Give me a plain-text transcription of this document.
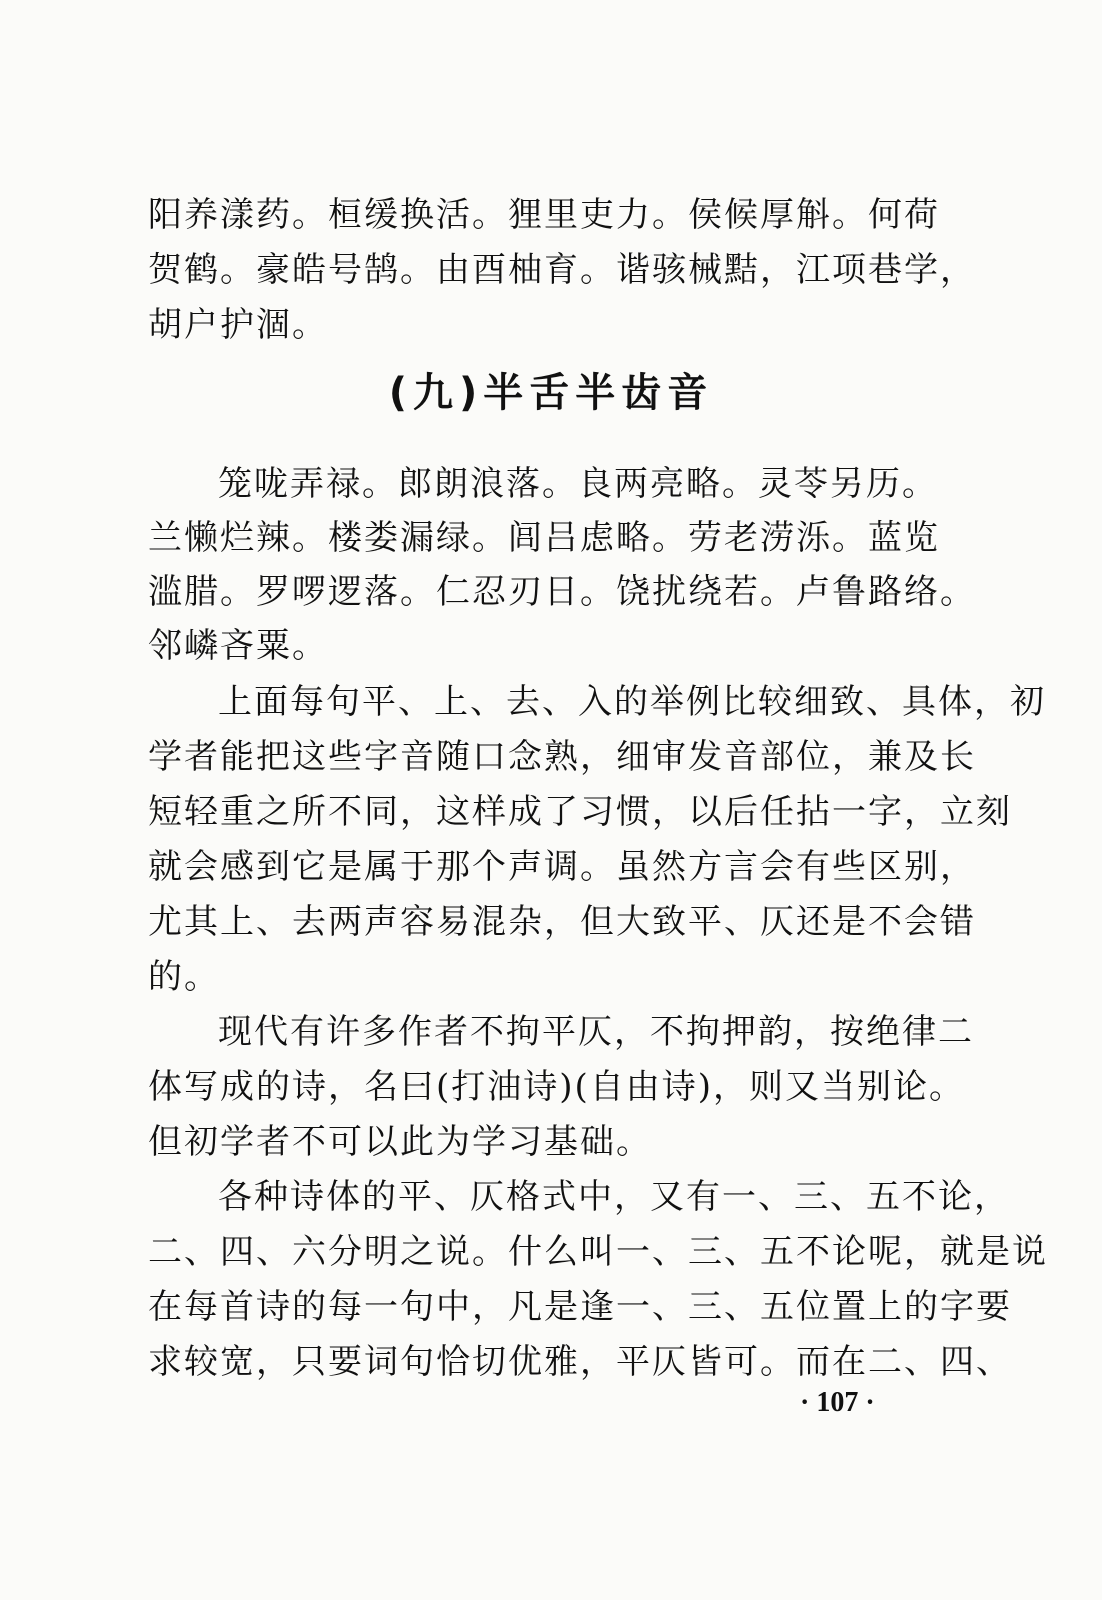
阳养漾药。桓缓换活。狸里吏力。侯候厚斛。何荷
贺鹤。豪皓号鹄。由酉柚育。谐骇械黠，江项巷学，
胡户护涸。
(九)半舌半齿音
笼咙弄禄。郎朗浪落。良两亮略。灵苓另历。
兰懒烂辣。楼娄漏绿。闾吕虑略。劳老涝泺。蓝览
滥腊。罗啰逻落。仁忍刃日。饶扰绕若。卢鲁路络。
邻嶙吝粟。
上面每句平、上、去、入的举例比较细致、具体，初
学者能把这些字音随口念熟，细审发音部位，兼及长
短轻重之所不同，这样成了习惯，以后任拈一字，立刻
就会感到它是属于那个声调。虽然方言会有些区别，
尤其上、去两声容易混杂，但大致平、仄还是不会错
的。
现代有许多作者不拘平仄，不拘押韵，按绝律二
体写成的诗，名曰(打油诗)(自由诗)，则又当别论。
但初学者不可以此为学习基础。
各种诗体的平、仄格式中，又有一、三、五不论，
二、四、六分明之说。什么叫一、三、五不论呢，就是说
在每首诗的每一句中，凡是逢一、三、五位置上的字要
求较宽，只要词句恰切优雅，平仄皆可。而在二、四、
· 107 ·
